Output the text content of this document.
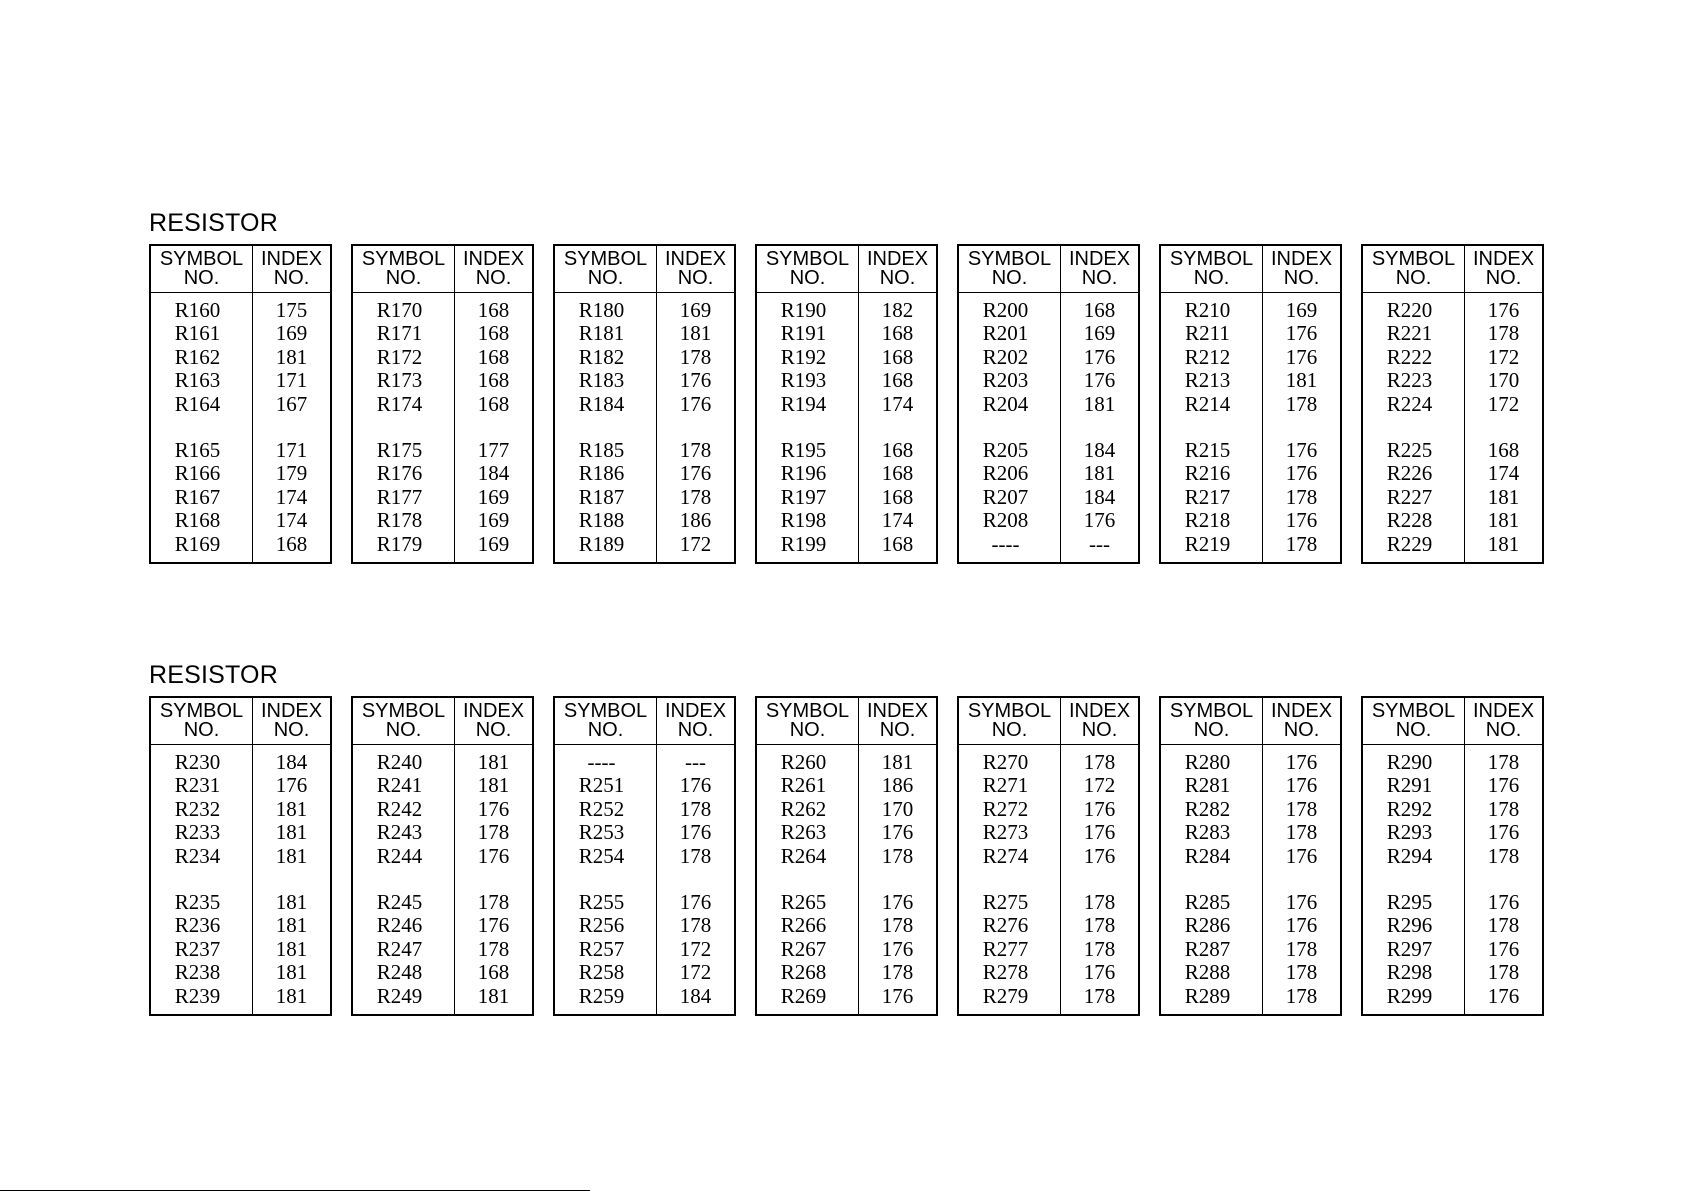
RESISTOR
SYMBOL
NO.
INDEX
NO.
R160
R161
R162
R163
R164
R165
R166
R167
R168
R169
175
169
181
171
167
171
179
174
174
168
SYMBOL
NO.
INDEX
NO.
R170
R171
R172
R173
R174
R175
R176
R177
R178
R179
168
168
168
168
168
177
184
169
169
169
SYMBOL
NO.
INDEX
NO.
R180
R181
R182
R183
R184
R185
R186
R187
R188
R189
169
181
178
176
176
178
176
178
186
172
SYMBOL
NO.
INDEX
NO.
R190
R191
R192
R193
R194
R195
R196
R197
R198
R199
182
168
168
168
174
168
168
168
174
168
SYMBOL
NO.
INDEX
NO.
R200
R201
R202
R203
R204
R205
R206
R207
R208
----
168
169
176
176
181
184
181
184
176
---
SYMBOL
NO.
INDEX
NO.
R210
R211
R212
R213
R214
R215
R216
R217
R218
R219
169
176
176
181
178
176
176
178
176
178
SYMBOL
NO.
INDEX
NO.
R220
R221
R222
R223
R224
R225
R226
R227
R228
R229
176
178
172
170
172
168
174
181
181
181
RESISTOR
SYMBOL
NO.
INDEX
NO.
R230
R231
R232
R233
R234
R235
R236
R237
R238
R239
184
176
181
181
181
181
181
181
181
181
SYMBOL
NO.
INDEX
NO.
R240
R241
R242
R243
R244
R245
R246
R247
R248
R249
181
181
176
178
176
178
176
178
168
181
SYMBOL
NO.
INDEX
NO.
----
R251
R252
R253
R254
R255
R256
R257
R258
R259
---
176
178
176
178
176
178
172
172
184
SYMBOL
NO.
INDEX
NO.
R260
R261
R262
R263
R264
R265
R266
R267
R268
R269
181
186
170
176
178
176
178
176
178
176
SYMBOL
NO.
INDEX
NO.
R270
R271
R272
R273
R274
R275
R276
R277
R278
R279
178
172
176
176
176
178
178
178
176
178
SYMBOL
NO.
INDEX
NO.
R280
R281
R282
R283
R284
R285
R286
R287
R288
R289
176
176
178
178
176
176
176
178
178
178
SYMBOL
NO.
INDEX
NO.
R290
R291
R292
R293
R294
R295
R296
R297
R298
R299
178
176
178
176
178
176
178
176
178
176
